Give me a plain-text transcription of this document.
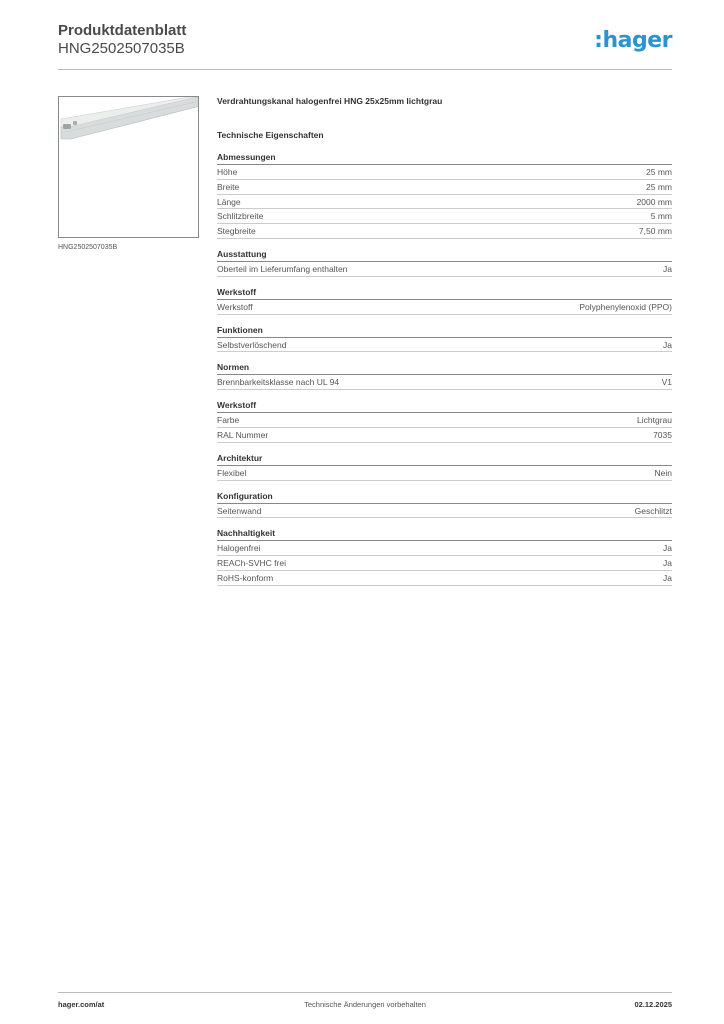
Produktdatenblatt
HNG2502507035B	:hager
HNG2502507035B
Verdrahtungskanal halogenfrei HNG 25x25mm lichtgrau
Technische Eigenschaften
Abmessungen
Höhe	25 mm
Breite	25 mm
Länge	2000 mm
Schlitzbreite	5 mm
Stegbreite	7,50 mm
Ausstattung
Oberteil im Lieferumfang enthalten	Ja
Werkstoff
Werkstoff	Polyphenylenoxid (PPO)
Funktionen
Selbstverlöschend	Ja
Normen
Brennbarkeitsklasse nach UL 94	V1
Werkstoff
Farbe	Lichtgrau
RAL Nummer	7035
Architektur
Flexibel	Nein
Konfiguration
Seitenwand	Geschlitzt
Nachhaltigkeit
Halogenfrei	Ja
REACh-SVHC frei	Ja
RoHS-konform	Ja
hager.com/at	Technische Änderungen vorbehalten	02.12.2025
